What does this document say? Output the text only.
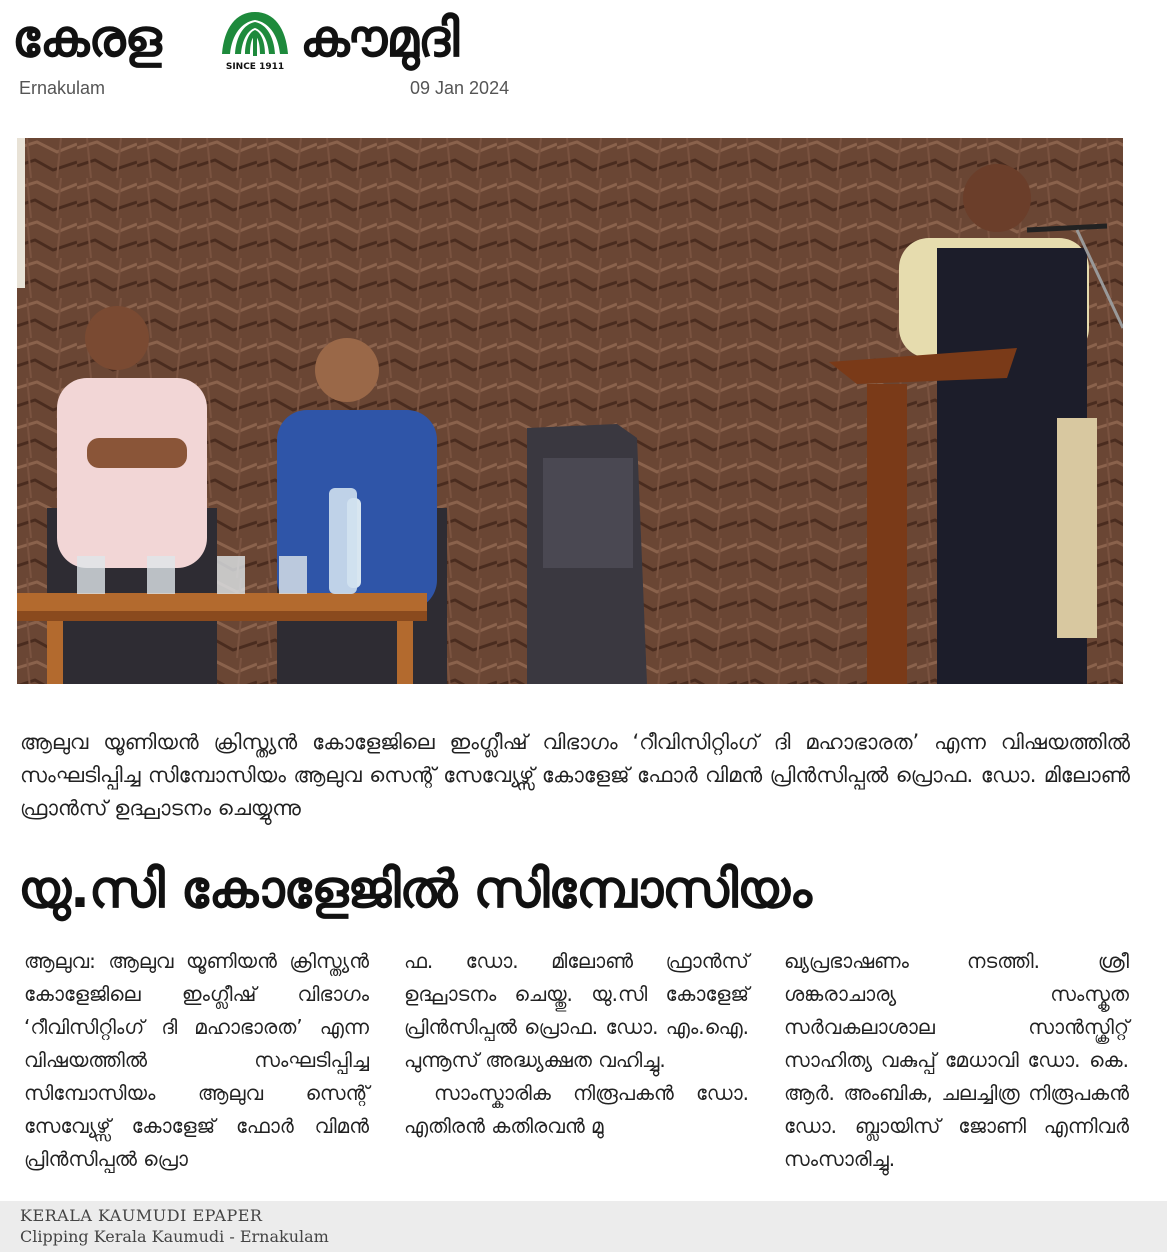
കേരള	SINCE 1911 കൗമുദി
Ernakulam	09 Jan 2024
ആലുവ യൂണിയൻ ക്രിസ്ത്യൻ കോളേജിലെ ഇംഗ്ലീഷ് വിഭാഗം ‘റീവിസിറ്റിംഗ് ദി മഹാഭാരത’ എന്ന വിഷയത്തിൽ സംഘടിപ്പിച്ച സിമ്പോസിയം ആലുവ സെന്റ് സേവ്യേഴ്സ് കോളേജ് ഫോർ വിമൻ പ്രിൻസിപ്പൽ പ്രൊഫ. ഡോ. മിലോൺ ഫ്രാൻസ് ഉദ്ഘാടനം ചെയ്യുന്നു
യു.സി കോളേജിൽ സിമ്പോസിയം

ആലുവ: ആലുവ യൂണിയൻ ക്രിസ്ത്യൻ കോളേജിലെ ഇംഗ്ലീഷ് വിഭാഗം ‘റീവിസിറ്റിംഗ് ദി മഹാഭാരത’ എന്ന വിഷയത്തിൽ സംഘടിപ്പിച്ച സിമ്പോസിയം ആലുവ സെന്റ് സേവ്യേഴ്സ് കോളേജ് ഫോർ വിമൻ പ്രിൻസിപ്പൽ പ്രൊ

ഫ. ഡോ. മിലോൺ ഫ്രാൻസ് ഉദ്ഘാടനം ചെയ്തു. യു.സി കോളേജ് പ്രിൻസിപ്പൽ പ്രൊഫ. ഡോ. എം.ഐ. പുന്നൂസ് അദ്ധ്യക്ഷത വഹിച്ചു.

സാംസ്കാരിക നിരൂപകൻ ഡോ. എതിരൻ കതിരവൻ മു

ഖ്യപ്രഭാഷണം നടത്തി. ശ്രീ ശങ്കരാചാര്യ സംസ്കൃത സർവകലാശാല സാൻസ്ക്രിറ്റ് സാഹിത്യ വകുപ്പ് മേധാവി ഡോ. കെ. ആർ. അംബിക, ചലച്ചിത്ര നിരൂപകൻ ഡോ. ബ്ലായിസ് ജോണി എന്നിവർ സംസാരിച്ചു.

KERALA KAUMUDI EPAPER
Clipping Kerala Kaumudi - Ernakulam
